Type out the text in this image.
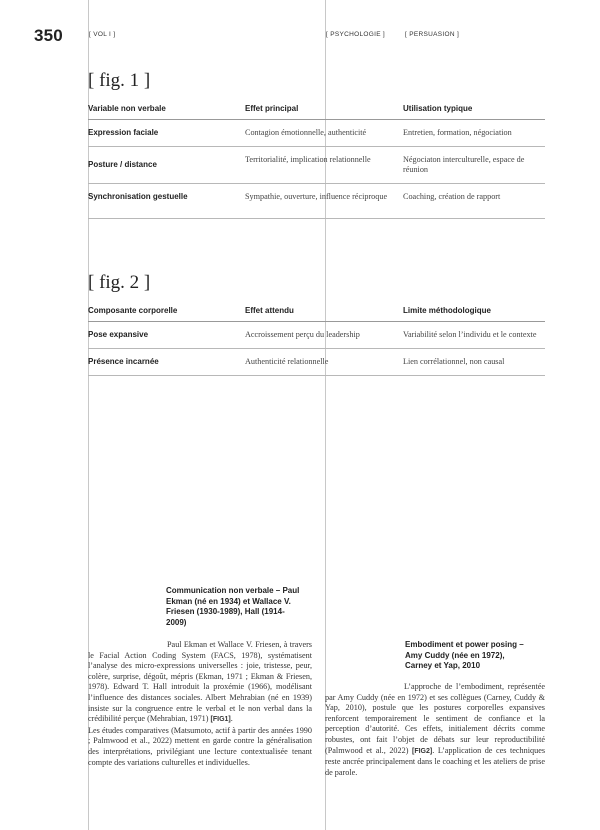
350	[ VOL I ]	[ PSYCHOLOGIE ]	[ PERSUASION ]
[ fig. 1 ]
Variable non verbale	Effet principal	Utilisation typique
Expression faciale	Contagion émotionnelle, authenticité	Entretien, formation, négociation
Posture / distance	Territorialité, implication relationnelle	Négociaton interculturelle, espace de réunion
Synchronisation gestuelle	Sympathie, ouverture, influence réciproque	Coaching, création de rapport
[ fig. 2 ]
Composante corporelle	Effet attendu	Limite méthodologique
Pose expansive	Accroissement perçu du leadership	Variabilité selon l’individu et le contexte
Présence incarnée	Authenticité relationnelle	Lien corrélationnel, non causal
Communication non verbale – Paul Ekman (né en 1934) et Wallace V. Friesen (1930-1989), Hall (1914-2009)

Paul Ekman et Wallace V. Friesen, à travers le Facial Action Coding System (FACS, 1978), systématisent l’analyse des micro-expressions universelles : joie, tristesse, peur, colère, surprise, dégoût, mépris (Ekman, 1971 ; Ekman & Friesen, 1978). Edward T. Hall introduit la proxémie (1966), modélisant l’influence des distances sociales. Albert Mehrabian (né en 1939) insiste sur la congruence entre le verbal et le non verbal dans la crédibilité perçue (Mehrabian, 1971) [FIG1].

Les études comparatives (Matsumoto, actif à partir des années 1990 ; Palmwood et al., 2022) mettent en garde contre la généralisation des interprétations, privilégiant une lecture contextualisée tenant compte des variations culturelles et individuelles.

Embodiment et power posing – Amy Cuddy (née en 1972), Carney et Yap, 2010

L’approche de l’embodiment, représentée par Amy Cuddy (née en 1972) et ses collègues (Carney, Cuddy & Yap, 2010), postule que les postures corporelles expansives renforcent temporairement le sentiment de confiance et la perception d’autorité. Ces effets, initialement décrits comme robustes, ont fait l’objet de débats sur leur reproductibilité (Palmwood et al., 2022) [FIG2]. L’application de ces techniques reste ancrée principalement dans le coaching et les ateliers de prise de parole.
